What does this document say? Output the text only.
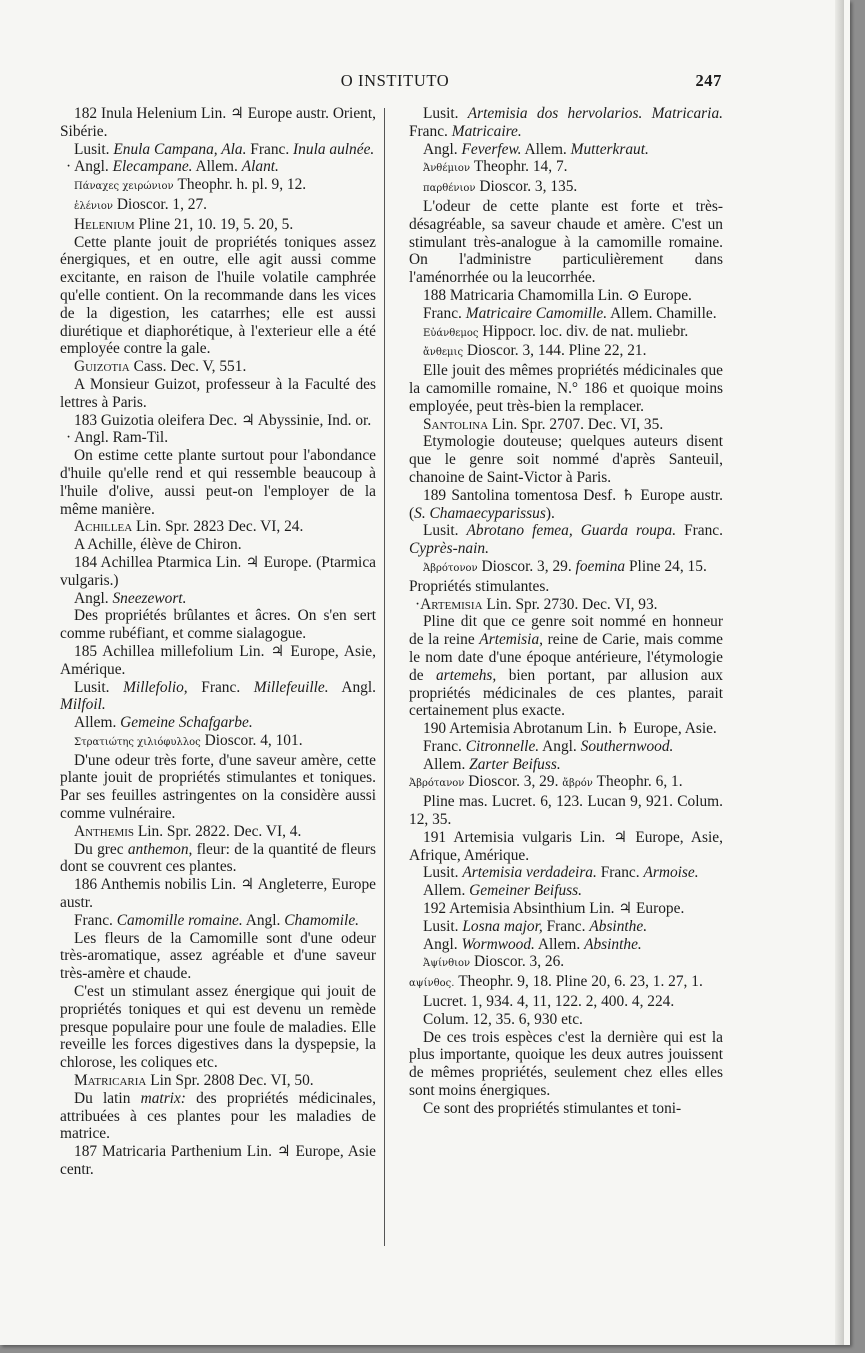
O INSTITUTO	247

182 Inula Helenium Lin. ♃ Europe austr. Orient, Sibérie.

Lusit. Enula Campana, Ala. Franc. Inula aulnée.

· Angl. Elecampane. Allem. Alant.

Πάναχες χειρώνιον Theophr. h. pl. 9, 12.

ἑλένιον Dioscor. 1, 27.

Helenium Pline 21, 10. 19, 5. 20, 5.

Cette plante jouit de propriétés toniques assez énergiques, et en outre, elle agit aussi comme excitante, en raison de l'huile volatile camphrée qu'elle contient. On la recommande dans les vices de la digestion, les catarrhes; elle est aussi diurétique et diaphorétique, à l'exterieur elle a été employée contre la gale.

Guizotia Cass. Dec. V, 551.

A Monsieur Guizot, professeur à la Faculté des lettres à Paris.

183 Guizotia oleifera Dec. ♃ Abyssinie, Ind. or.

· Angl. Ram-Til.

On estime cette plante surtout pour l'abondance d'huile qu'elle rend et qui ressemble beaucoup à l'huile d'olive, aussi peut-on l'employer de la même manière.

Achillea Lin. Spr. 2823 Dec. VI, 24.

A Achille, élève de Chiron.

184 Achillea Ptarmica Lin. ♃ Europe. (Ptarmica vulgaris.)

Angl. Sneezewort.

Des propriétés brûlantes et âcres. On s'en sert comme rubéfiant, et comme sialagogue.

185 Achillea millefolium Lin. ♃ Europe, Asie, Amérique.

Lusit. Millefolio, Franc. Millefeuille. Angl. Milfoil.

Allem. Gemeine Schafgarbe.

Στρατιώτης χιλιόφυλλος Dioscor. 4, 101.

D'une odeur très forte, d'une saveur amère, cette plante jouit de propriétés stimulantes et toniques. Par ses feuilles astringentes on la considère aussi comme vulnéraire.

Anthemis Lin. Spr. 2822. Dec. VI, 4.

Du grec anthemon, fleur: de la quantité de fleurs dont se couvrent ces plantes.

186 Anthemis nobilis Lin. ♃ Angleterre, Europe austr.

Franc. Camomille romaine. Angl. Chamomile.

Les fleurs de la Camomille sont d'une odeur très-aromatique, assez agréable et d'une saveur très-amère et chaude.

C'est un stimulant assez énergique qui jouit de propriétés toniques et qui est devenu un remède presque populaire pour une foule de maladies. Elle reveille les forces digestives dans la dyspepsie, la chlorose, les coliques etc.

Matricaria Lin Spr. 2808 Dec. VI, 50.

Du latin matrix: des propriétés médicinales, attribuées à ces plantes pour les maladies de matrice.

187 Matricaria Parthenium Lin. ♃ Europe, Asie centr.

Lusit. Artemisia dos hervolarios. Matricaria. Franc. Matricaire.

Angl. Feverfew. Allem. Mutterkraut.

Ἀνθέμιον Theophr. 14, 7.

παρθένιον Dioscor. 3, 135.

L'odeur de cette plante est forte et très-désagréable, sa saveur chaude et amère. C'est un stimulant très-analogue à la camomille romaine. On l'administre particulièrement dans l'aménorrhée ou la leucorrhée.

188 Matricaria Chamomilla Lin. ⊙ Europe.

Franc. Matricaire Camomille. Allem. Chamille.

Εὐάνθεμος Hippocr. loc. div. de nat. muliebr.

ἄνθεμις Dioscor. 3, 144. Pline 22, 21.

Elle jouit des mêmes propriétés médicinales que la camomille romaine, N.° 186 et quoique moins employée, peut très-bien la remplacer.

Santolina Lin. Spr. 2707. Dec. VI, 35.

Etymologie douteuse; quelques auteurs disent que le genre soit nommé d'après Santeuil, chanoine de Saint-Victor à Paris.

189 Santolina tomentosa Desf. ♄ Europe austr. (S. Chamaecyparissus).

Lusit. Abrotano femea, Guarda roupa. Franc. Cyprès-nain.

Ἀβρότονον Dioscor. 3, 29. foemina Pline 24, 15.

Propriétés stimulantes.

·Artemisia Lin. Spr. 2730. Dec. VI, 93.

Pline dit que ce genre soit nommé en honneur de la reine Artemisia, reine de Carie, mais comme le nom date d'une époque antérieure, l'étymologie de artemehs, bien portant, par allusion aux propriétés médicinales de ces plantes, parait certainement plus exacte.

190 Artemisia Abrotanum Lin. ♄ Europe, Asie.

Franc. Citronnelle. Angl. Southernwood.

Allem. Zarter Beifuss.

Ἀβρότανον Dioscor. 3, 29. ἄβρόν Theophr. 6, 1.

Pline mas. Lucret. 6, 123. Lucan 9, 921. Colum. 12, 35.

191 Artemisia vulgaris Lin. ♃ Europe, Asie, Afrique, Amérique.

Lusit. Artemisia verdadeira. Franc. Armoise.

Allem. Gemeiner Beifuss.

192 Artemisia Absinthium Lin. ♃ Europe.

Lusit. Losna major, Franc. Absinthe.

Angl. Wormwood. Allem. Absinthe.

Ἀψίνθιον Dioscor. 3, 26.

αψίνθος. Theophr. 9, 18. Pline 20, 6. 23, 1. 27, 1.

Lucret. 1, 934. 4, 11, 122. 2, 400. 4, 224.

Colum. 12, 35. 6, 930 etc.

De ces trois espèces c'est la dernière qui est la plus importante, quoique les deux autres jouissent de mêmes propriétés, seulement chez elles elles sont moins énergiques.

Ce sont des propriétés stimulantes et toni-
